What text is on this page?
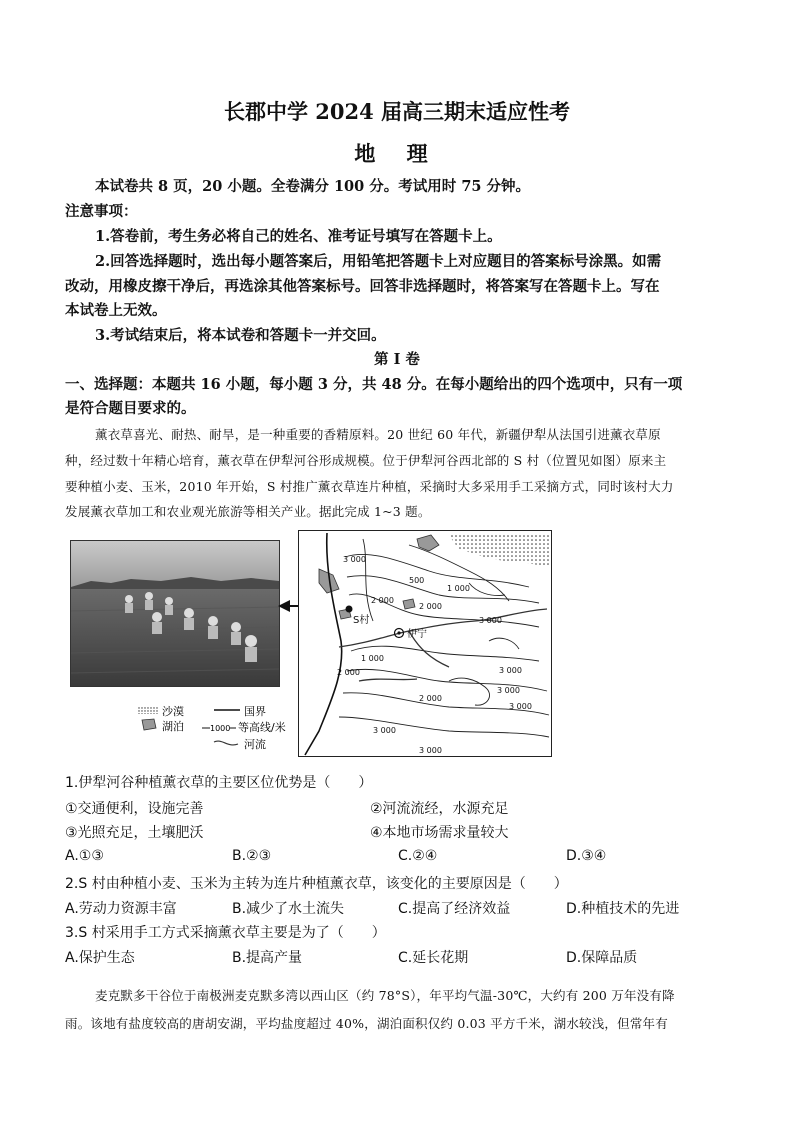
长郡中学 2024 届高三期末适应性考
地 理
本试卷共 8 页，20 小题。全卷满分 100 分。考试用时 75 分钟。
注意事项：
1.答卷前，考生务必将自己的姓名、准考证号填写在答题卡上。
2.回答选择题时，选出每小题答案后，用铅笔把答题卡上对应题目的答案标号涂黑。如需
改动，用橡皮擦干净后，再选涂其他答案标号。回答非选择题时，将答案写在答题卡上。写在
本试卷上无效。
3.考试结束后，将本试卷和答题卡一并交回。
第 I 卷
一、选择题：本题共 16 小题，每小题 3 分，共 48 分。在每小题给出的四个选项中，只有一项
是符合题目要求的。
薰衣草喜光、耐热、耐旱，是一种重要的香精原料。20 世纪 60 年代，新疆伊犁从法国引进薰衣草原
种，经过数十年精心培育，薰衣草在伊犁河谷形成规模。位于伊犁河谷西北部的 S 村（位置见如图）原来主
要种植小麦、玉米，2010 年开始，S 村推广薰衣草连片种植，采摘时大多采用手工采摘方式，同时该村大力
发展薰衣草加工和农业观光旅游等相关产业。据此完成 1~3 题。
3 000
500
1 000
2 000
2 000
3 000
S村
伊宁
1 000
2 000	3 000
3 000
2 000
3 000
3 000
3 000
沙漠	国界
湖泊	1000 等高线/米
河流
1.伊犁河谷种植薰衣草的主要区位优势是（　　）
①交通便利，设施完善	②河流流经，水源充足
③光照充足，土壤肥沃	④本地市场需求量较大
A.①③	B.②③	C.②④	D.③④
2.S 村由种植小麦、玉米为主转为连片种植薰衣草，该变化的主要原因是（　　）
A.劳动力资源丰富	B.减少了水土流失	C.提高了经济效益	D.种植技术的先进
3.S 村采用手工方式采摘薰衣草主要是为了（　　）
A.保护生态	B.提高产量	C.延长花期	D.保障品质
麦克默多干谷位于南极洲麦克默多湾以西山区（约 78°S），年平均气温-30℃，大约有 200 万年没有降
雨。该地有盐度较高的唐胡安湖，平均盐度超过 40%，湖泊面积仅约 0.03 平方千米，湖水较浅，但常年有
